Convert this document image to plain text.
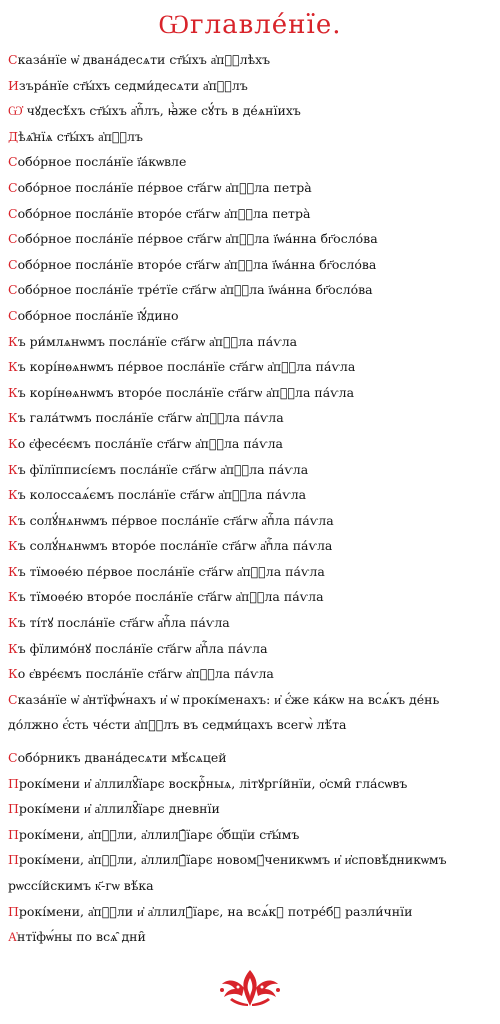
Ѡглавле́нїе.
Сказа́нїе ѡ҆ двана́десѧти ст҃ы́хъ а҆пⷭ҇лѣхъ
Изъра́нїе ст҃ы́хъ седми́десѧти а҆пⷭ҇лъ
Ѡ҆ чꙋдесѣ́хъ ст҃ы́хъ а҆пⷭ҇лъ, ꙗ҆̀же сꙋ́ть в де́ѧнїихъ
Дѣѧ҄нїѧ ст҃ы́хъ а҆пⷭ҇лъ
Собо́рное посла́нїе ї҆а́кѡвле
Собо́рное посла́нїе пе́рвое ст҃а́гѡ а҆пⷭ҇ла петра̀
Собо́рное посла́нїе второ́е ст҃а́гѡ а҆пⷭ҇ла петра̀
Собо́рное посла́нїе пе́рвое ст҃а́гѡ а҆пⷭ҇ла ї҆ѡа́нна бг҃осло́ва
Собо́рное посла́нїе второ́е ст҃а́гѡ а҆пⷭ҇ла ї҆ѡа́нна бг҃осло́ва
Собо́рное посла́нїе тре́тїе ст҃а́гѡ а҆пⷭ҇ла ї҆ѡа́нна бг҃осло́ва
Собо́рное посла́нїе ї҆ꙋ́дино
Къ ри́млѧнѡмъ посла́нїе ст҃а́гѡ а҆пⷭ҇ла па́ѵла
Къ корі́нѳѧнѡмъ пе́рвое посла́нїе ст҃а́гѡ а҆пⷭ҇ла па́ѵла
Къ корі́нѳѧнѡмъ второ́е посла́нїе ст҃а́гѡ а҆пⷭ҇ла па́ѵла
Къ гала́тѡмъ посла́нїе ст҃а́гѡ а҆пⷭ҇ла па́ѵла
Ко є҆фесе́ємъ посла́нїе ст҃а́гѡ а҆пⷭ҇ла па́ѵла
Къ фїлїпписі́ємъ посла́нїе ст҃а́гѡ а҆пⷭ҇ла па́ѵла
Къ колоссаѧ́ємъ посла́нїе ст҃а́гѡ а҆пⷭ҇ла па́ѵла
Къ солꙋ́нѧнѡмъ пе́рвое посла́нїе ст҃а́гѡ а҆пⷭ҇ла па́ѵла
Къ солꙋ́нѧнѡмъ второ́е посла́нїе ст҃а́гѡ а҆пⷭ҇ла па́ѵла
Къ тїмоѳе́ю пе́рвое посла́нїе ст҃а́гѡ а҆пⷭ҇ла па́ѵла
Къ тїмоѳе́ю второ́е посла́нїе ст҃а́гѡ а҆пⷭ҇ла па́ѵла
Къ ті́тꙋ посла́нїе ст҃а́гѡ а҆пⷭ҇ла па́ѵла
Къ фїлимо́нꙋ посла́нїе ст҃а́гѡ а҆пⷭ҇ла па́ѵла
Ко є҆вре́ємъ посла́нїе ст҃а́гѡ а҆пⷭ҇ла па́ѵла
Сказа́нїе ѡ҆ а҆нтїфѡ́нахъ и҆ ѡ҆ прокі́менахъ: и҆ є҆́же ка́кѡ на всѧ́къ де́нь до́лжно є҆́сть че́сти а҆пⷭ҇лъ въ седми́цахъ всегѡ̀ лѣ́та
Собо́рникъ двана́десѧти мѣ́сѧцей
Прокі́мени и҆ а҆ллилꙋ̑їарє воскрⷭ҇ныѧ, літꙋргі́йнїи, ѻ҆сми̑ гла́сѡвъ
Прокі́мени и҆ а҆ллилꙋ̑їарє дневнїи
Прокі́мени, а҆пⷭ҇ли, а҆ллилꙋ̑їарє ѻ҆́бщїи ст҃ы́мъ
Прокі́мени, а҆пⷭ҇ли, а҆ллилꙋ̑їарє новомꙋ́ченикѡмъ и҆ и҆сповѣ́дникѡмъ рѡссі́йскимъ к҃-гѡ вѣ́ка
Прокі́мени, а҆пⷭ҇ли и҆ а҆ллилꙋ̑їарє, на всѧ́кꙋ потре́бꙋ разли́чнїи
А҆нтїфѡ́ны по всѧ̑ дни̑
